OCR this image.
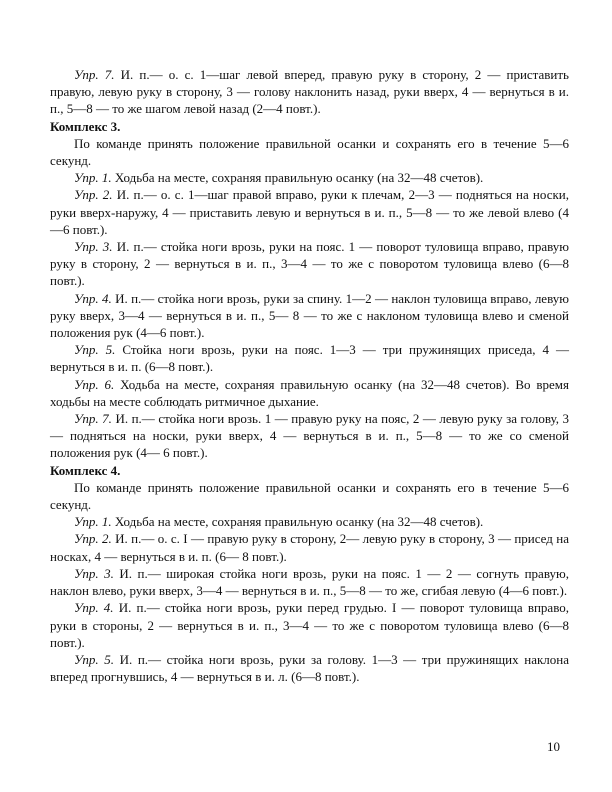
Упр. 7. И. п.— о. с. 1—шаг левой вперед, правую руку в сторону, 2 — приставить правую, левую руку в сторону, 3 — голову наклонить назад, руки вверх, 4 — вернуться в и. п., 5—8 — то же шагом левой назад (2—4 повт.).

Комплекс 3.

По команде принять положение правильной осанки и сохранять его в течение 5—6 секунд.

Упр. 1. Ходьба на месте, сохраняя правильную осанку (на 32—48 счетов).

Упр. 2. И. п.— о. с. 1—шаг правой вправо, руки к плечам, 2—3 — подняться на носки, руки вверх-наружу, 4 — приставить левую и вернуться в и. п., 5—8 — то же левой влево (4—6 повт.).

Упр. 3. И. п.— стойка ноги врозь, руки на пояс. 1 — поворот туловища вправо, правую руку в сторону, 2 — вернуться в и. п., 3—4 — то же с поворотом туловища влево (6—8 повт.).

Упр. 4. И. п.— стойка ноги врозь, руки за спину. 1—2 — наклон туловища вправо, левую руку вверх, 3—4 — вернуться в и. п., 5— 8 — то же с наклоном туловища влево и сменой положения рук (4—6 повт.).

Упр. 5. Стойка ноги врозь, руки на пояс. 1—3 — три пружинящих приседа, 4 — вернуться в и. п. (6—8 повт.).

Упр. 6. Ходьба на месте, сохраняя правильную осанку (на 32—48 счетов). Во время ходьбы на месте соблюдать ритмичное дыхание.

Упр. 7. И. п.— стойка ноги врозь. 1 — правую руку на пояс, 2 — левую руку за голову, 3 — подняться на носки, руки вверх, 4 — вернуться в и. п., 5—8 — то же со сменой положения рук (4— 6 повт.).

Комплекс 4.

По команде принять положение правильной осанки и сохранять его в течение 5—6 секунд.

Упр. 1. Ходьба на месте, сохраняя правильную осанку (на 32—48 счетов).

Упр. 2. И. п.— о. с. I — правую руку в сторону, 2— левую руку в сторону, 3 — присед на носках, 4 — вернуться в и. п. (6— 8 повт.).

Упр. 3. И. п.— широкая стойка ноги врозь, руки на пояс. 1 — 2 — согнуть правую, наклон влево, руки вверх, 3—4 — вернуться в и. п., 5—8 — то же, сгибая левую (4—6 повт.).

Упр. 4. И. п.— стойка ноги врозь, руки перед грудью. I — поворот туловища вправо, руки в стороны, 2 — вернуться в и. п., 3—4 — то же с поворотом туловища влево (6—8 повт.).

Упр. 5. И. п.— стойка ноги врозь, руки за голову. 1—3 — три пружинящих наклона вперед прогнувшись, 4 — вернуться в и. л. (6—8 повт.).

10
